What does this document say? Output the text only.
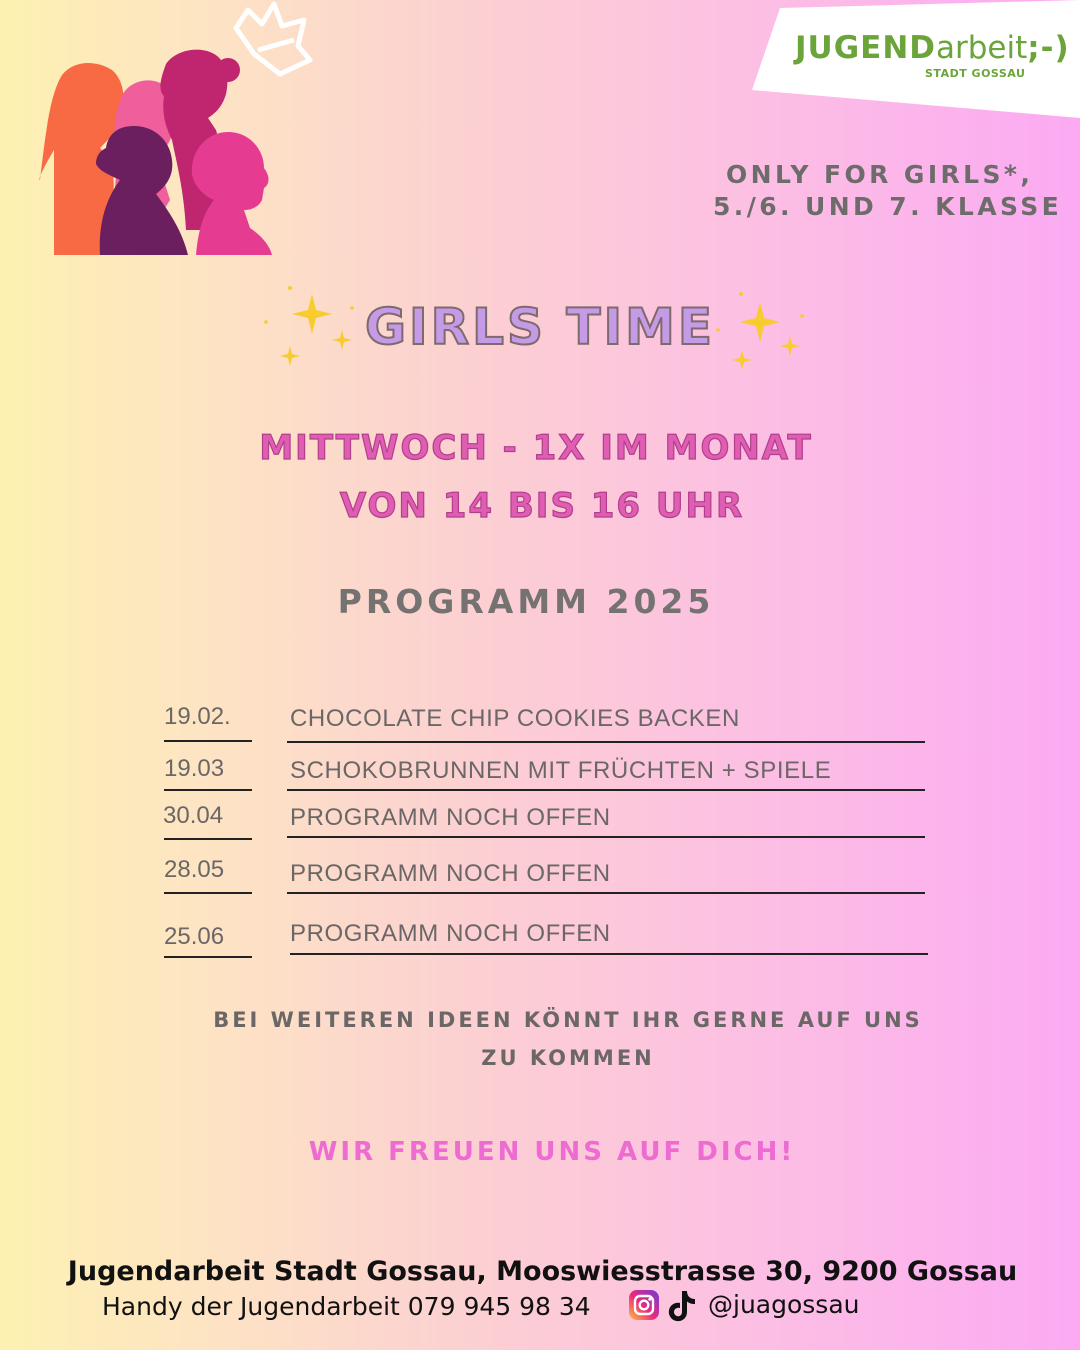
JUGENDarbeit;-)
STADT GOSSAU
ONLY FOR GIRLS*,
5./6. UND 7. KLASSE
GIRLS TIME
MITTWOCH - 1X IM MONAT
VON 14 BIS 16 UHR
PROGRAMM 2025
19.02. CHOCOLATE CHIP COOKIES BACKEN
19.03	SCHOKOBRUNNEN MIT FRÜCHTEN + SPIELE
30.04	PROGRAMM NOCH OFFEN
28.05	PROGRAMM NOCH OFFEN
25.06	PROGRAMM NOCH OFFEN
BEI WEITEREN IDEEN KÖNNT IHR GERNE AUF UNS ZU KOMMEN
WIR FREUEN UNS AUF DICH!
Jugendarbeit Stadt Gossau, Mooswiesstrasse 30, 9200 Gossau
Handy der Jugendarbeit 079 945 98 34	@juagossau
